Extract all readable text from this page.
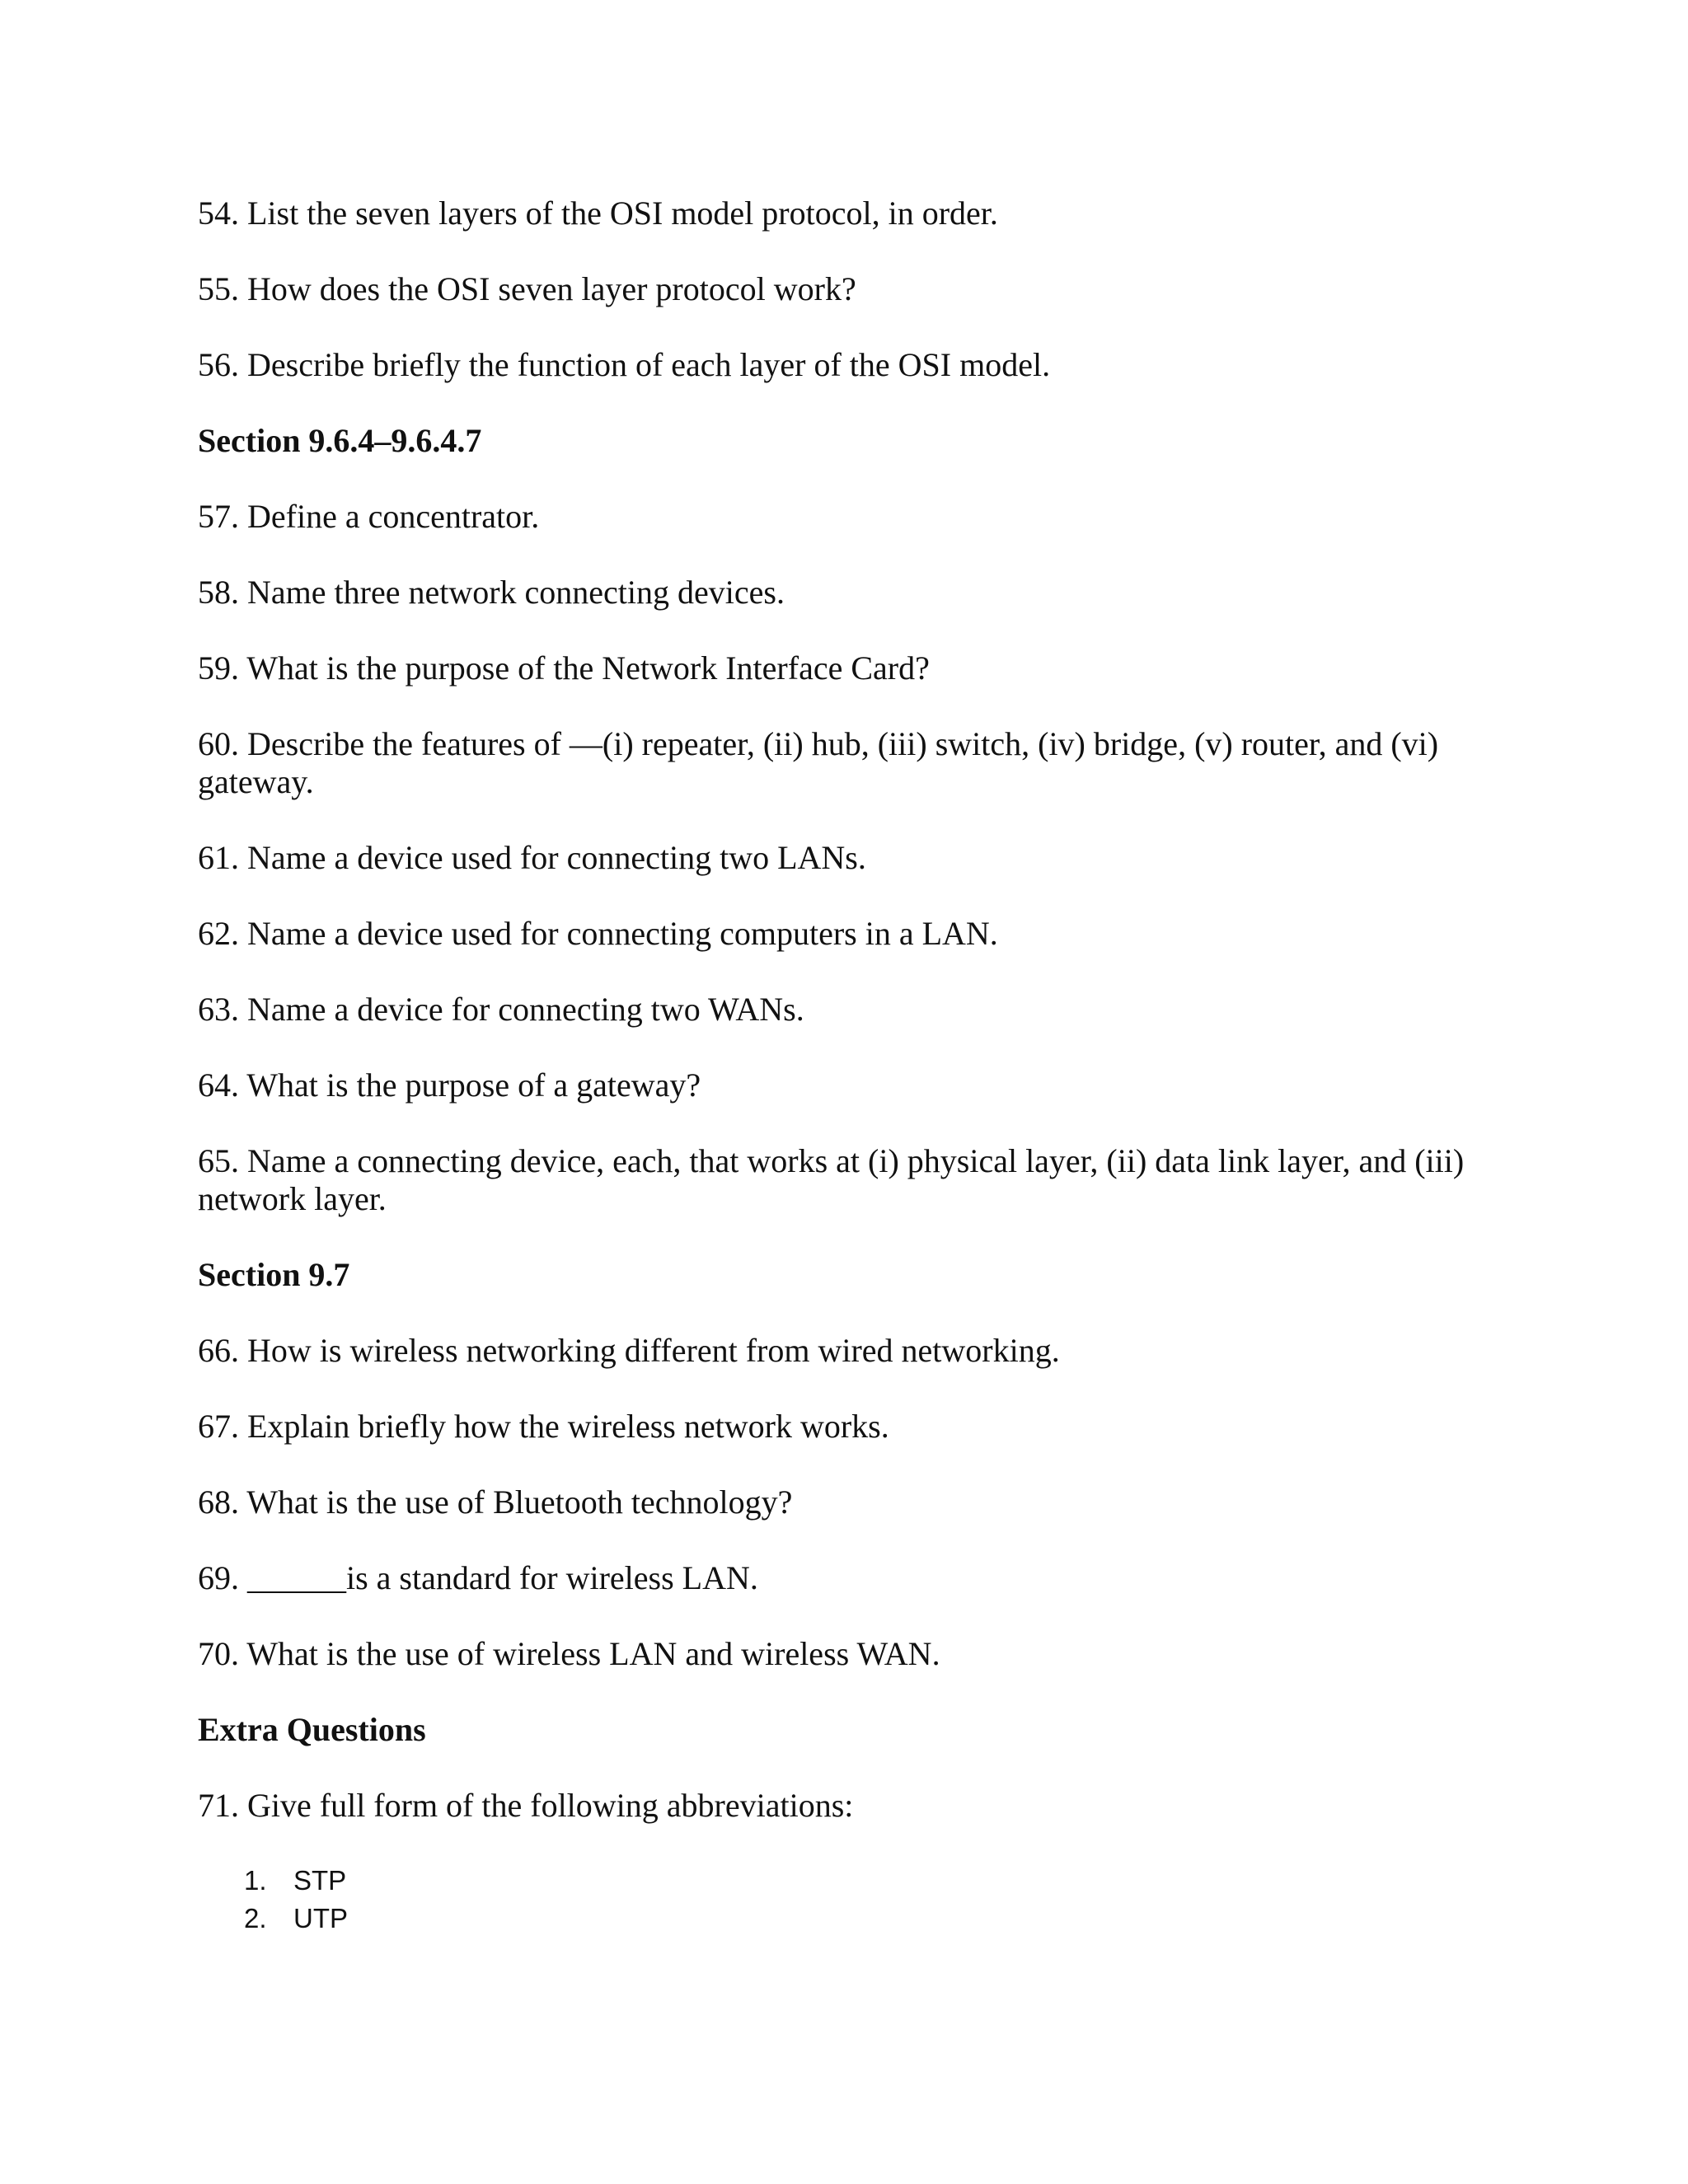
54. List the seven layers of the OSI model protocol, in order.
55. How does the OSI seven layer protocol work?
56. Describe briefly the function of each layer of the OSI model.
Section 9.6.4–9.6.4.7
57. Define a concentrator.
58. Name three network connecting devices.
59. What is the purpose of the Network Interface Card?
60. Describe the features of —(i) repeater, (ii) hub, (iii) switch, (iv) bridge, (v) router, and (vi)
gateway.
61. Name a device used for connecting two LANs.
62. Name a device used for connecting computers in a LAN.
63. Name a device for connecting two WANs.
64. What is the purpose of a gateway?
65. Name a connecting device, each, that works at (i) physical layer, (ii) data link layer, and (iii)
network layer.
Section 9.7
66. How is wireless networking different from wired networking.
67. Explain briefly how the wireless network works.
68. What is the use of Bluetooth technology?
69. ______is a standard for wireless LAN.
70. What is the use of wireless LAN and wireless WAN.
Extra Questions
71. Give full form of the following abbreviations:
1. STP
2. UTP
